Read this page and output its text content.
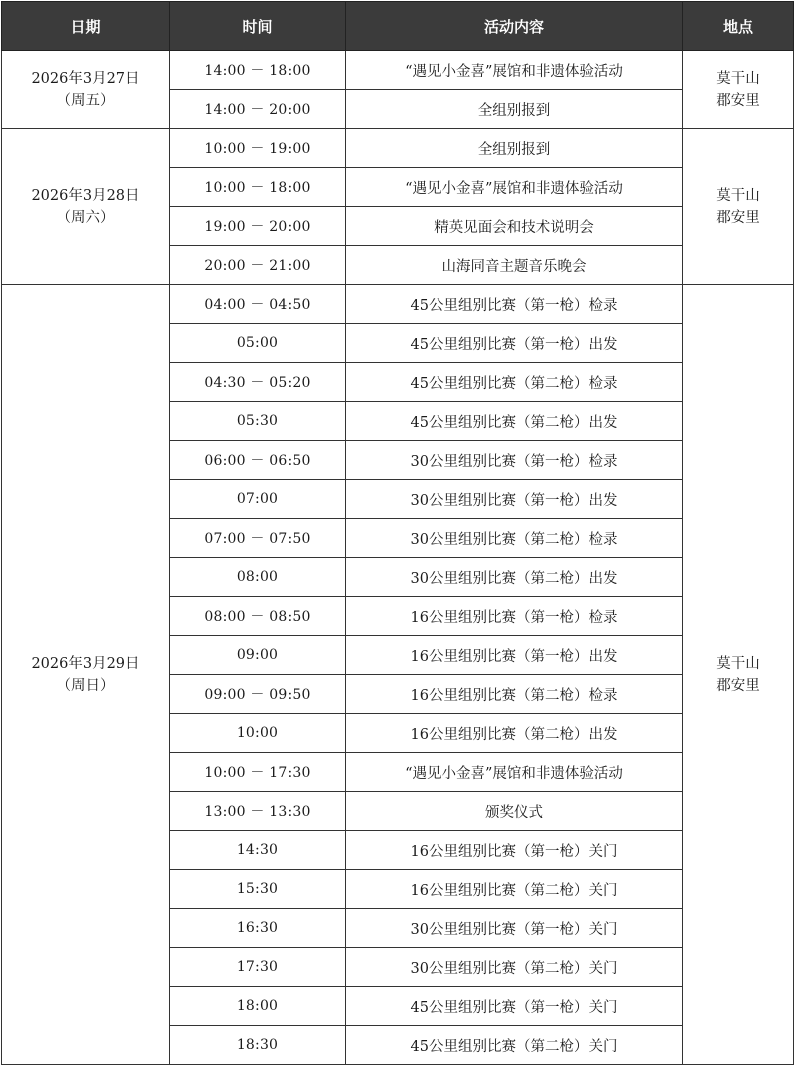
日期	时间	活动内容	地点

2026年3月27日
（周五）	14:00 － 18:00	“遇见小金喜”展馆和非遗体验活动	莫干山
郡安里

	14:00 － 20:00	全组别报到	

2026年3月28日
（周六）	10:00 － 19:00	全组别报到	莫干山
郡安里

	10:00 － 18:00	“遇见小金喜”展馆和非遗体验活动	
	19:00 － 20:00	精英见面会和技术说明会	
	20:00 － 21:00	山海同音主题音乐晚会	

2026年3月29日
（周日）	04:00 － 04:50	45公里组别比赛（第一枪）检录	莫干山
郡安里

	05:00	45公里组别比赛（第一枪）出发	
	04:30 － 05:20	45公里组别比赛（第二枪）检录	
	05:30	45公里组别比赛（第二枪）出发	
	06:00 － 06:50	30公里组别比赛（第一枪）检录	
	07:00	30公里组别比赛（第一枪）出发	
	07:00 － 07:50	30公里组别比赛（第二枪）检录	
	08:00	30公里组别比赛（第二枪）出发	
	08:00 － 08:50	16公里组别比赛（第一枪）检录	
	09:00	16公里组别比赛（第一枪）出发	
	09:00 － 09:50	16公里组别比赛（第二枪）检录	
	10:00	16公里组别比赛（第二枪）出发	
	10:00 － 17:30	“遇见小金喜”展馆和非遗体验活动	
	13:00 － 13:30	颁奖仪式	
	14:30	16公里组别比赛（第一枪）关门	
	15:30	16公里组别比赛（第二枪）关门	
	16:30	30公里组别比赛（第一枪）关门	
	17:30	30公里组别比赛（第二枪）关门	
	18:00	45公里组别比赛（第一枪）关门	
	18:30	45公里组别比赛（第二枪）关门	
